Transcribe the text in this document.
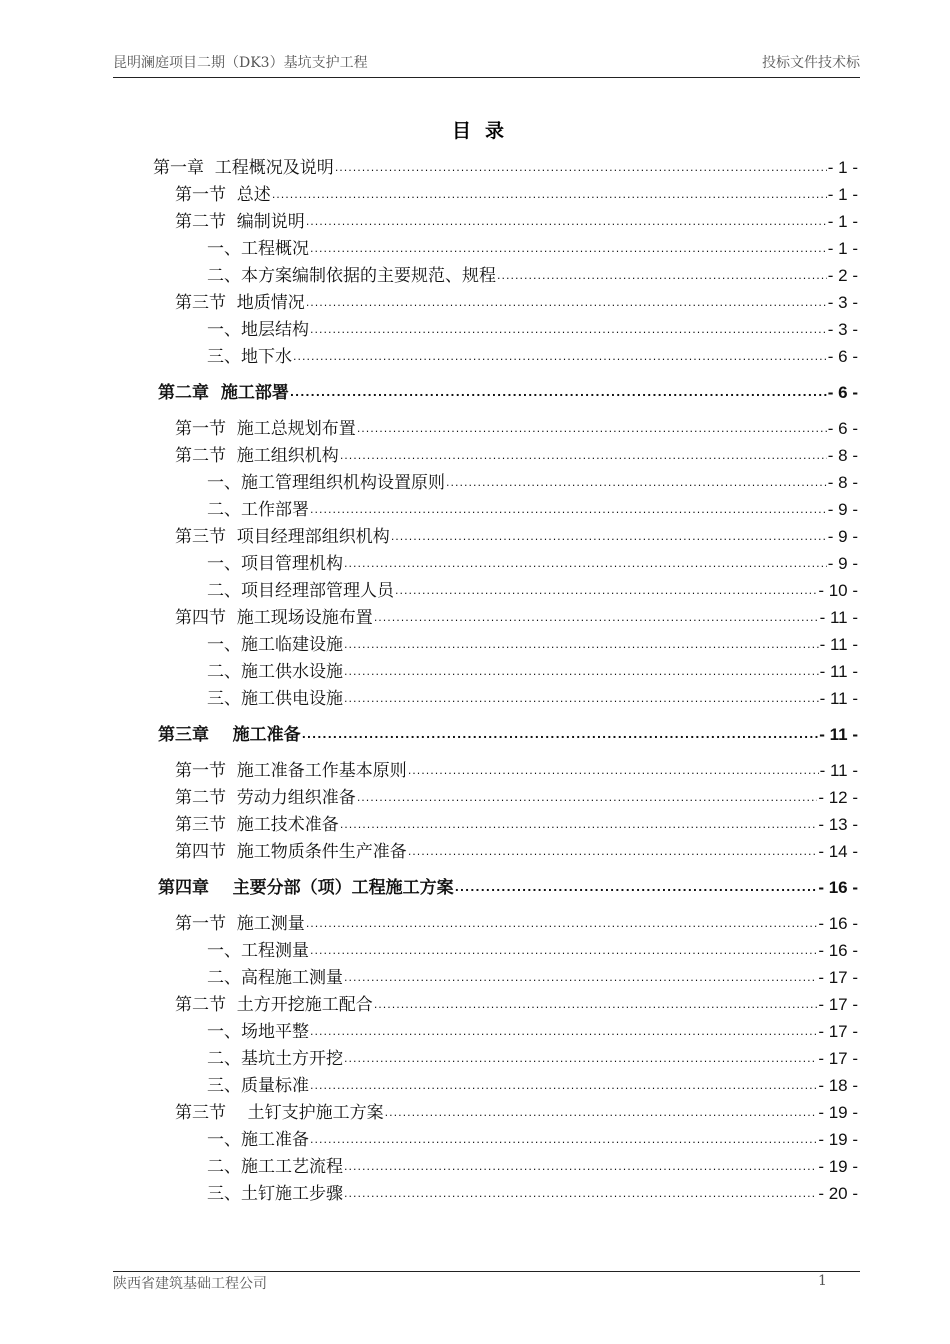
昆明澜庭项目二期（DK3）基坑支护工程	投标文件技术标
目录
第一章  工程概况及说明 .....	- 1 -
第一节  总述 .....	- 1 -
第二节  编制说明 .....	- 1 -
一、工程概况 .....	- 1 -
二、本方案编制依据的主要规范、规程 .....	- 2 -
第三节  地质情况 .....	- 3 -
一、地层结构 .....	- 3 -
三、地下水 .....	- 6 -
第二章  施工部署 .....	- 6 -
第一节  施工总规划布置 .....	- 6 -
第二节  施工组织机构 .....	- 8 -
一、施工管理组织机构设置原则 .....	- 8 -
二、工作部署 .....	- 9 -
第三节  项目经理部组织机构 .....	- 9 -
一、项目管理机构 .....	- 9 -
二、项目经理部管理人员 .....	- 10 -
第四节  施工现场设施布置 .....	- 11 -
一、施工临建设施 .....	- 11 -
二、施工供水设施 .....	- 11 -
三、施工供电设施 .....	- 11 -
第三章    施工准备 .....	- 11 -
第一节  施工准备工作基本原则 .....	- 11 -
第二节  劳动力组织准备 .....	- 12 -
第三节  施工技术准备 .....	- 13 -
第四节  施工物质条件生产准备 .....	- 14 -
第四章    主要分部（项）工程施工方案 .....	- 16 -
第一节  施工测量 .....	- 16 -
一、工程测量 .....	- 16 -
二、高程施工测量 .....	- 17 -
第二节  土方开挖施工配合 .....	- 17 -
一、场地平整 .....	- 17 -
二、基坑土方开挖 .....	- 17 -
三、质量标准 .....	- 18 -
第三节    土钉支护施工方案 .....	- 19 -
一、施工准备 .....	- 19 -
二、施工工艺流程 .....	- 19 -
三、土钉施工步骤 .....	- 20 -
陕西省建筑基础工程公司	1
